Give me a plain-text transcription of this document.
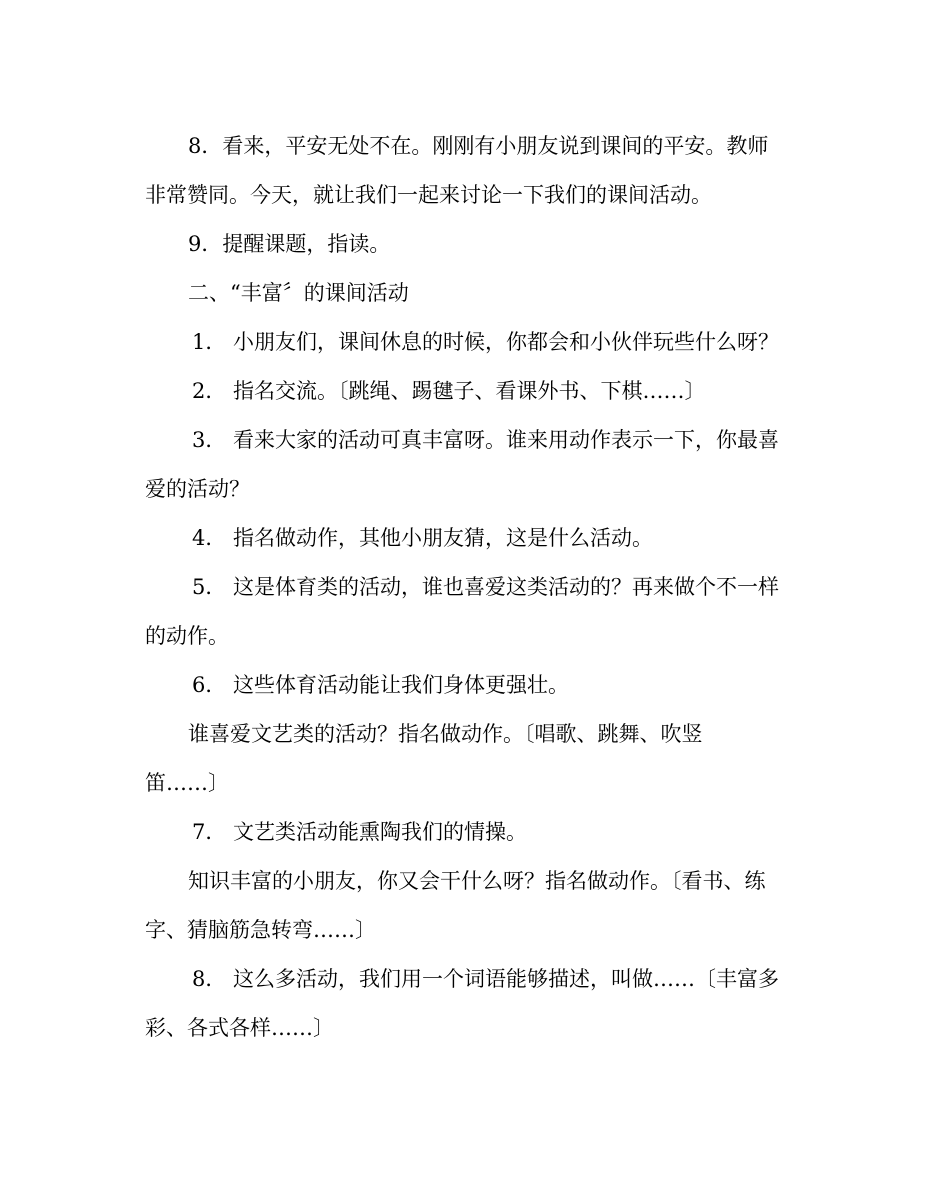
8．看来，平安无处不在。刚刚有小朋友说到课间的平安。教师

非常赞同。今天，就让我们一起来讨论一下我们的课间活动。

9．提醒课题，指读。

二、“丰富〞的课间活动

1． 小朋友们，课间休息的时候，你都会和小伙伴玩些什么呀？

2． 指名交流。〔跳绳、踢毽子、看课外书、下棋……〕

3． 看来大家的活动可真丰富呀。谁来用动作表示一下，你最喜

爱的活动？

4． 指名做动作，其他小朋友猜，这是什么活动。

5． 这是体育类的活动，谁也喜爱这类活动的？再来做个不一样

的动作。

6． 这些体育活动能让我们身体更强壮。

谁喜爱文艺类的活动？指名做动作。〔唱歌、跳舞、吹竖

笛……〕

7． 文艺类活动能熏陶我们的情操。

知识丰富的小朋友，你又会干什么呀？指名做动作。〔看书、练

字、猜脑筋急转弯……〕

8． 这么多活动，我们用一个词语能够描述，叫做……〔丰富多

彩、各式各样……〕
